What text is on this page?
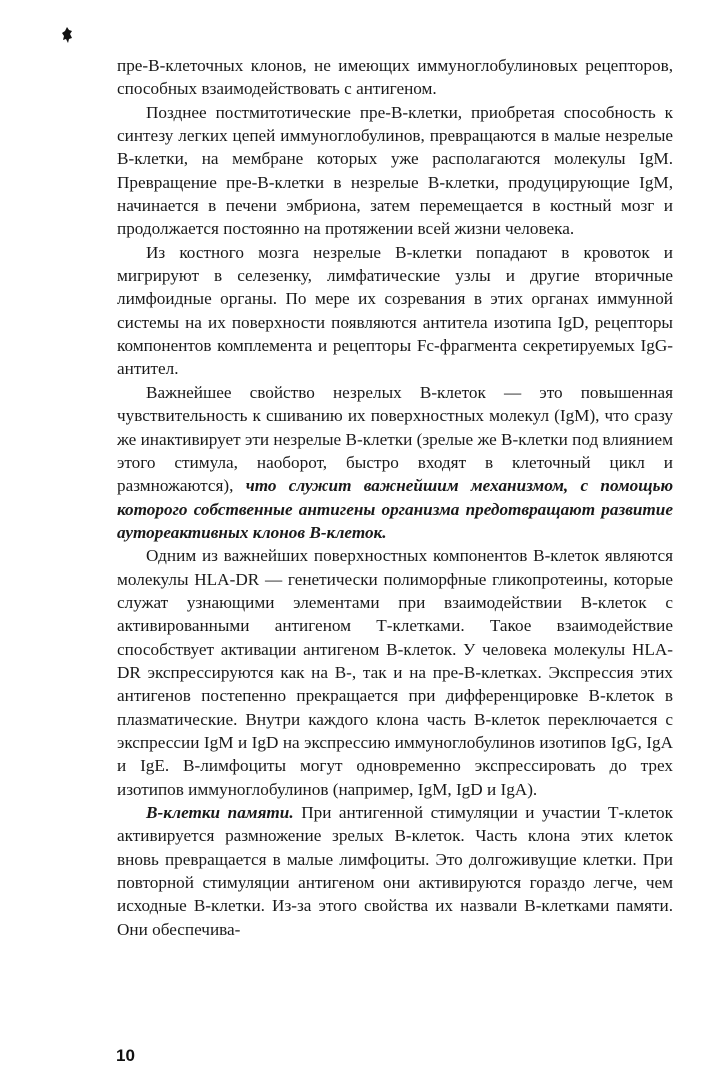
пре-В-клеточных клонов, не имеющих иммуноглобулиновых рецепторов, способных взаимодействовать с антигеном.

Позднее постмитотические пре-В-клетки, приобретая способность к синтезу легких цепей иммуноглобулинов, превращаются в малые незрелые В-клетки, на мембране которых уже располагаются молекулы IgM. Превращение пре-В-клетки в незрелые В-клетки, продуцирующие IgM, начинается в печени эмбриона, затем перемещается в костный мозг и продолжается постоянно на протяжении всей жизни человека.

Из костного мозга незрелые В-клетки попадают в кровоток и мигрируют в селезенку, лимфатические узлы и другие вторичные лимфоидные органы. По мере их созревания в этих органах иммунной системы на их поверхности появляются антитела изотипа IgD, рецепторы компонентов комплемента и рецепторы Fc-фрагмента секретируемых IgG-антител.

Важнейшее свойство незрелых В-клеток — это повышенная чувствительность к сшиванию их поверхностных молекул (IgM), что сразу же инактивирует эти незрелые В-клетки (зрелые же В-клетки под влиянием этого стимула, наоборот, быстро входят в клеточный цикл и размножаются), что служит важнейшим механизмом, с помощью которого собственные антигены организма предотвращают развитие аутореактивных клонов В-клеток.

Одним из важнейших поверхностных компонентов В-клеток являются молекулы HLA-DR — генетически полиморфные гликопротеины, которые служат узнающими элементами при взаимодействии В-клеток с активированными антигеном Т-клетками. Такое взаимодействие способствует активации антигеном В-клеток. У человека молекулы HLA-DR экспрессируются как на В-, так и на пре-В-клетках. Экспрессия этих антигенов постепенно прекращается при дифференцировке В-клеток в плазматические. Внутри каждого клона часть В-клеток переключается с экспрессии IgM и IgD на экспрессию иммуноглобулинов изотипов IgG, IgA и IgE. В-лимфоциты могут одновременно экспрессировать до трех изотипов иммуноглобулинов (например, IgM, IgD и IgA).

В-клетки памяти. При антигенной стимуляции и участии Т-клеток активируется размножение зрелых В-клеток. Часть клона этих клеток вновь превращается в малые лимфоциты. Это долгоживущие клетки. При повторной стимуляции антигеном они активируются гораздо легче, чем исходные В-клетки. Из-за этого свойства их назвали В-клетками памяти. Они обеспечива-

10
